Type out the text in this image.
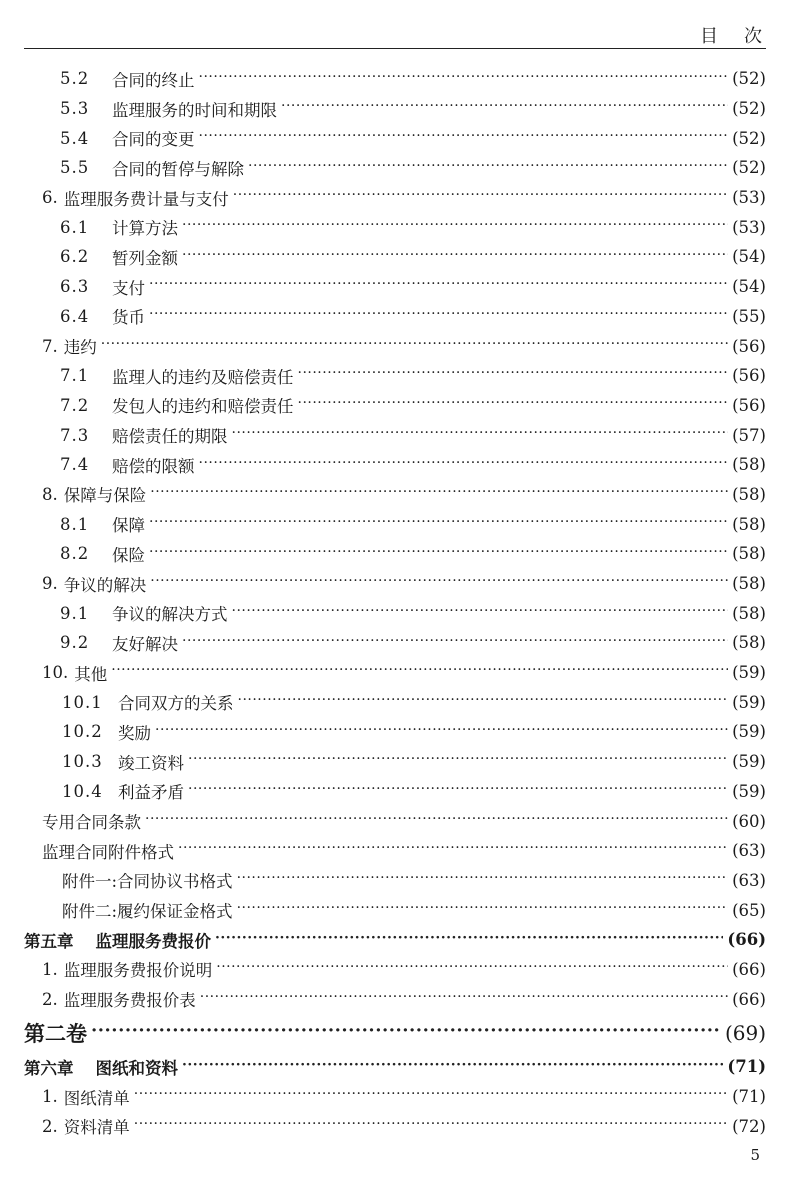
目次
5.2	合同的终止 ·····	(52)
5.3	监理服务的时间和期限 ·····	(52)
5.4	合同的变更 ·····	(52)
5.5	合同的暂停与解除 ·····	(52)
6. 监理服务费计量与支付 ·····	(53)
6.1	计算方法 ·····	(53)
6.2	暂列金额 ·····	(54)
6.3	支付 ·····	(54)
6.4	货币 ·····	(55)
7. 违约 ·····	(56)
7.1	监理人的违约及赔偿责任 ·····	(56)
7.2	发包人的违约和赔偿责任 ·····	(56)
7.3	赔偿责任的期限 ·····	(57)
7.4	赔偿的限额 ·····	(58)
8. 保障与保险 ·····	(58)
8.1	保障 ·····	(58)
8.2	保险 ·····	(58)
9. 争议的解决 ·····	(58)
9.1	争议的解决方式 ·····	(58)
9.2	友好解决 ·····	(58)
10. 其他 ·····	(59)
10.1 合同双方的关系 ·····	(59)
10.2 奖励 ·····	(59)
10.3 竣工资料 ·····	(59)
10.4 利益矛盾 ·····	(59)
专用合同条款 ·····	(60)
监理合同附件格式 ·····	(63)
附件一:合同协议书格式 ·····	(63)
附件二:履约保证金格式 ·····	(65)
第五章 监理服务费报价 ·····	(66)
1. 监理服务费报价说明 ·····	(66)
2. 监理服务费报价表 ·····	(66)
第二卷 ·····	(69)
第六章 图纸和资料 ·····	(71)
1. 图纸清单 ·····	(71)
2. 资料清单 ·····	(72)
5
